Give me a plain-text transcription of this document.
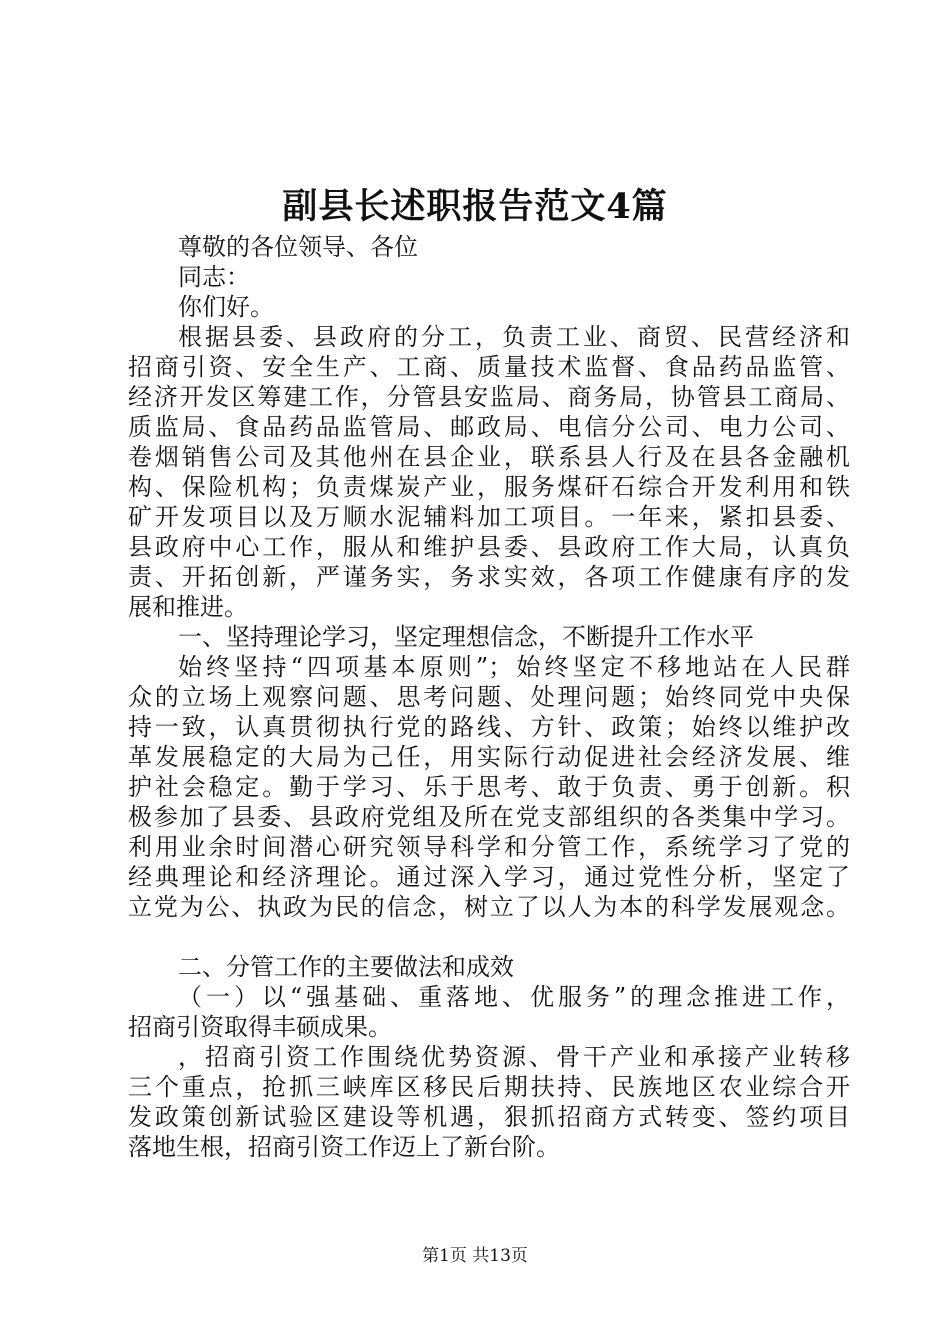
副县长述职报告范文4篇
尊敬的各位领导、各位
同志：
你们好。
根据县委、县政府的分工，负责工业、商贸、民营经济和
招商引资、安全生产、工商、质量技术监督、食品药品监管、
经济开发区筹建工作，分管县安监局、商务局，协管县工商局、
质监局、食品药品监管局、邮政局、电信分公司、电力公司、
卷烟销售公司及其他州在县企业，联系县人行及在县各金融机
构、保险机构；负责煤炭产业，服务煤矸石综合开发利用和铁
矿开发项目以及万顺水泥辅料加工项目。一年来，紧扣县委、
县政府中心工作，服从和维护县委、县政府工作大局，认真负
责、开拓创新，严谨务实，务求实效，各项工作健康有序的发
展和推进。
一、坚持理论学习，坚定理想信念，不断提升工作水平
始终坚持“四项基本原则”；始终坚定不移地站在人民群
众的立场上观察问题、思考问题、处理问题；始终同党中央保
持一致，认真贯彻执行党的路线、方针、政策；始终以维护改
革发展稳定的大局为己任，用实际行动促进社会经济发展、维
护社会稳定。勤于学习、乐于思考、敢于负责、勇于创新。积
极参加了县委、县政府党组及所在党支部组织的各类集中学习。
利用业余时间潜心研究领导科学和分管工作，系统学习了党的
经典理论和经济理论。通过深入学习，通过党性分析，坚定了
立党为公、执政为民的信念，树立了以人为本的科学发展观念。
二、分管工作的主要做法和成效
（一）以“强基础、重落地、优服务”的理念推进工作，
招商引资取得丰硕成果。
，招商引资工作围绕优势资源、骨干产业和承接产业转移
三个重点，抢抓三峡库区移民后期扶持、民族地区农业综合开
发政策创新试验区建设等机遇，狠抓招商方式转变、签约项目
落地生根，招商引资工作迈上了新台阶。
第1页 共13页
